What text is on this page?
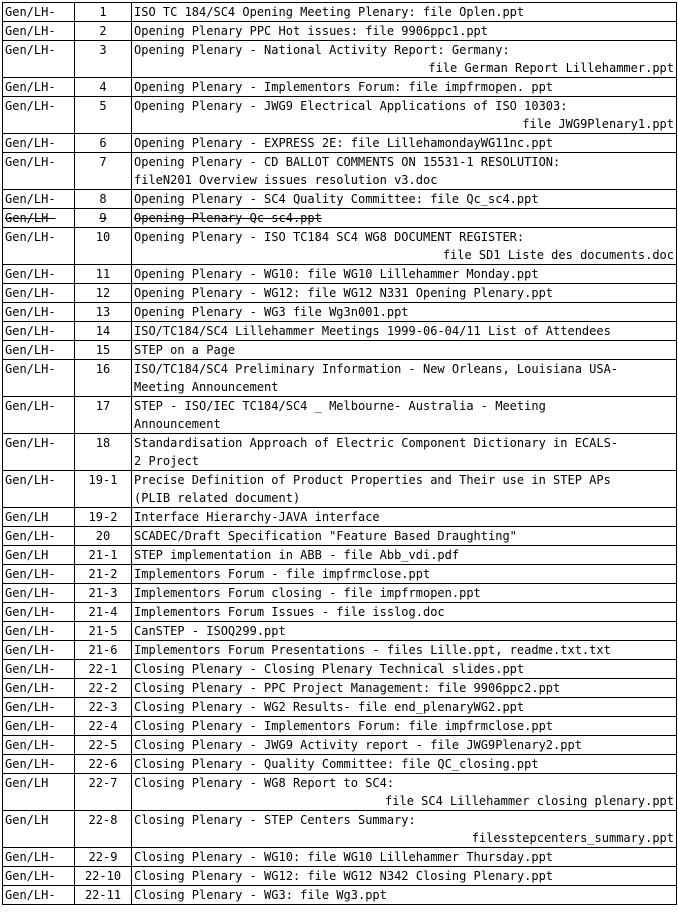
Gen/LH-	1	ISO TC 184/SC4 Opening Meeting Plenary: file Oplen.ppt

Gen/LH-	2	Opening Plenary PPC Hot issues: file 9906ppc1.ppt

Gen/LH-	3	Opening Plenary - National Activity Report: Germany:
file German Report Lillehammer.ppt

Gen/LH-	4	Opening Plenary - Implementors Forum: file impfrmopen. ppt

Gen/LH-	5	Opening Plenary - JWG9 Electrical Applications of ISO 10303:
file JWG9Plenary1.ppt

Gen/LH-	6	Opening Plenary - EXPRESS 2E: file LillehamondayWG11nc.ppt

Gen/LH-	7	Opening Plenary - CD BALLOT COMMENTS ON 15531-1 RESOLUTION:
fileN201 Overview issues resolution v3.doc

Gen/LH-	8	Opening Plenary - SC4 Quality Committee: file Qc_sc4.ppt

Gen/LH-	9	Opening Plenary Qc sc4.ppt

Gen/LH-	10	Opening Plenary - ISO TC184 SC4 WG8 DOCUMENT REGISTER:
file SD1 Liste des documents.doc

Gen/LH-	11	Opening Plenary - WG10: file WG10 Lillehammer Monday.ppt

Gen/LH-	12	Opening Plenary - WG12: file WG12 N331 Opening Plenary.ppt

Gen/LH-	13	Opening Plenary - WG3 file Wg3n001.ppt

Gen/LH-	14	ISO/TC184/SC4 Lillehammer Meetings 1999-06-04/11 List of Attendees

Gen/LH-	15	STEP on a Page

Gen/LH-	16	ISO/TC184/SC4 Preliminary Information - New Orleans, Louisiana USA-
Meeting Announcement

Gen/LH-	17	STEP - ISO/IEC TC184/SC4 _ Melbourne- Australia - Meeting
Announcement

Gen/LH-	18	Standardisation Approach of Electric Component Dictionary in ECALS-
2 Project

Gen/LH-	19-1	Precise Definition of Product Properties and Their use in STEP APs
(PLIB related document)

Gen/LH	19-2	Interface Hierarchy-JAVA interface

Gen/LH-	20	SCADEC/Draft Specification "Feature Based Draughting"

Gen/LH	21-1	STEP implementation in ABB - file Abb_vdi.pdf

Gen/LH-	21-2	Implementors Forum - file impfrmclose.ppt

Gen/LH-	21-3	Implementors Forum closing - file impfrmopen.ppt

Gen/LH-	21-4	Implementors Forum Issues - file isslog.doc

Gen/LH-	21-5	CanSTEP - ISOQ299.ppt

Gen/LH-	21-6	Implementors Forum Presentations - files Lille.ppt, readme.txt.txt

Gen/LH-	22-1	Closing Plenary - Closing Plenary Technical slides.ppt

Gen/LH-	22-2	Closing Plenary - PPC Project Management: file 9906ppc2.ppt

Gen/LH-	22-3	Closing Plenary - WG2 Results- file end_plenaryWG2.ppt

Gen/LH-	22-4	Closing Plenary - Implementors Forum: file impfrmclose.ppt

Gen/LH-	22-5	Closing Plenary - JWG9 Activity report - file JWG9Plenary2.ppt

Gen/LH-	22-6	Closing Plenary - Quality Committee: file QC_closing.ppt

Gen/LH	22-7	Closing Plenary - WG8 Report to SC4:
file SC4 Lillehammer closing plenary.ppt

Gen/LH	22-8	Closing Plenary - STEP Centers Summary:
filesstepcenters_summary.ppt

Gen/LH-	22-9	Closing Plenary - WG10: file WG10 Lillehammer Thursday.ppt

Gen/LH-	22-10	Closing Plenary - WG12: file WG12 N342 Closing Plenary.ppt

Gen/LH-	22-11	Closing Plenary - WG3: file Wg3.ppt
